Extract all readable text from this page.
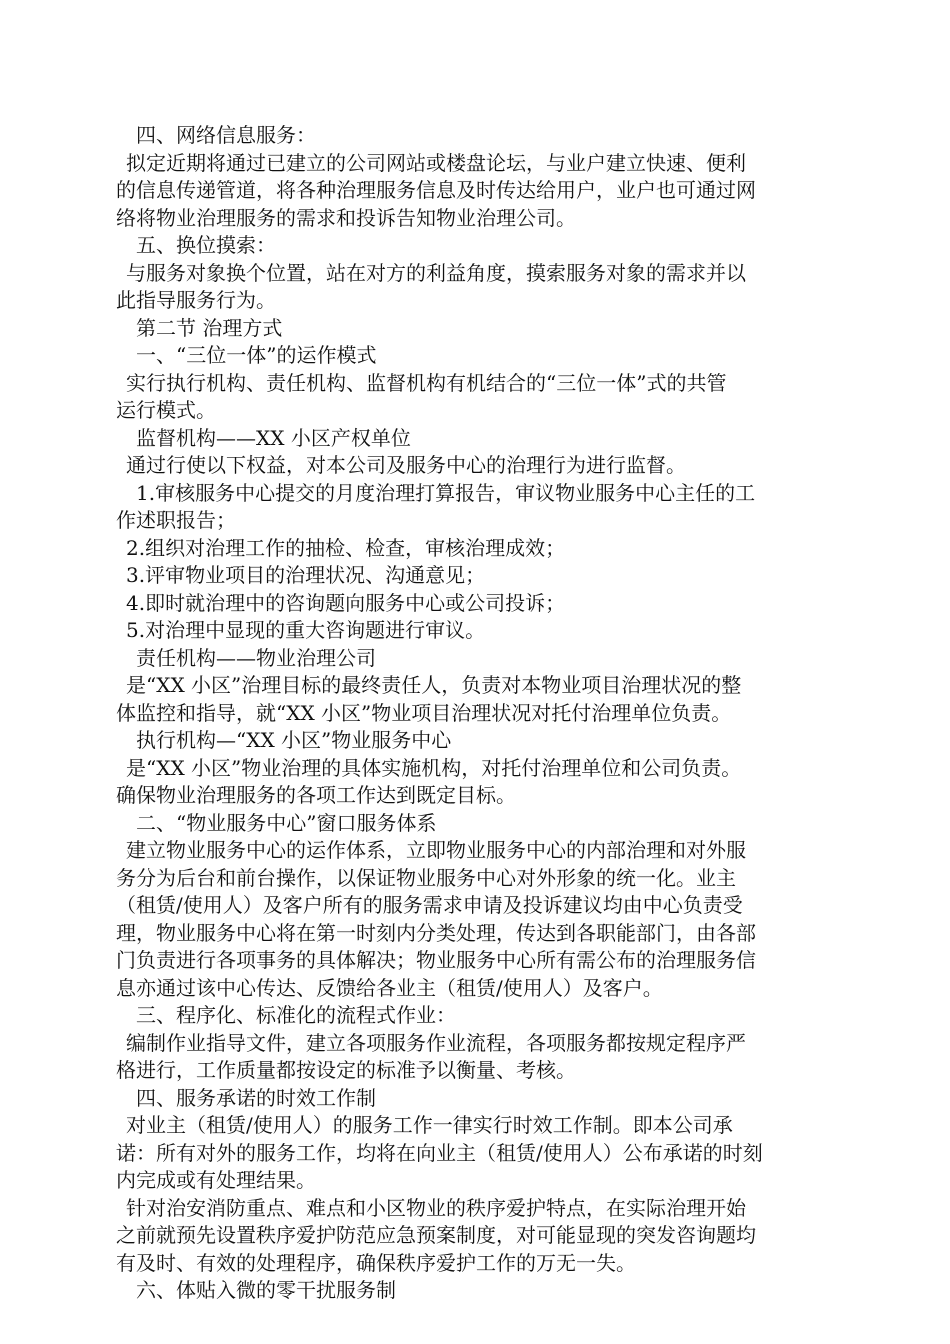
四、网络信息服务：
拟定近期将通过已建立的公司网站或楼盘论坛，与业户建立快速、便利
的信息传递管道，将各种治理服务信息及时传达给用户，业户也可通过网
络将物业治理服务的需求和投诉告知物业治理公司。
五、换位摸索：
与服务对象换个位置，站在对方的利益角度，摸索服务对象的需求并以
此指导服务行为。
第二节 治理方式
一、“三位一体”的运作模式
实行执行机构、责任机构、监督机构有机结合的“三位一体”式的共管
运行模式。
监督机构——XX 小区产权单位
通过行使以下权益，对本公司及服务中心的治理行为进行监督。
1.审核服务中心提交的月度治理打算报告，审议物业服务中心主任的工
作述职报告；
2.组织对治理工作的抽检、检查，审核治理成效；
3.评审物业项目的治理状况、沟通意见；
4.即时就治理中的咨询题向服务中心或公司投诉；
5.对治理中显现的重大咨询题进行审议。
责任机构——物业治理公司
是“XX 小区”治理目标的最终责任人，负责对本物业项目治理状况的整
体监控和指导，就“XX 小区”物业项目治理状况对托付治理单位负责。
执行机构—“XX 小区”物业服务中心
是“XX 小区”物业治理的具体实施机构，对托付治理单位和公司负责。
确保物业治理服务的各项工作达到既定目标。
二、“物业服务中心”窗口服务体系
建立物业服务中心的运作体系，立即物业服务中心的内部治理和对外服
务分为后台和前台操作，以保证物业服务中心对外形象的统一化。业主
（租赁/使用人）及客户所有的服务需求申请及投诉建议均由中心负责受
理，物业服务中心将在第一时刻内分类处理，传达到各职能部门，由各部
门负责进行各项事务的具体解决；物业服务中心所有需公布的治理服务信
息亦通过该中心传达、反馈给各业主（租赁/使用人）及客户。
三、程序化、标准化的流程式作业：
编制作业指导文件，建立各项服务作业流程，各项服务都按规定程序严
格进行，工作质量都按设定的标准予以衡量、考核。
四、服务承诺的时效工作制
对业主（租赁/使用人）的服务工作一律实行时效工作制。即本公司承
诺：所有对外的服务工作，均将在向业主（租赁/使用人）公布承诺的时刻
内完成或有处理结果。
针对治安消防重点、难点和小区物业的秩序爱护特点，在实际治理开始
之前就预先设置秩序爱护防范应急预案制度，对可能显现的突发咨询题均
有及时、有效的处理程序，确保秩序爱护工作的万无一失。
六、体贴入微的零干扰服务制
